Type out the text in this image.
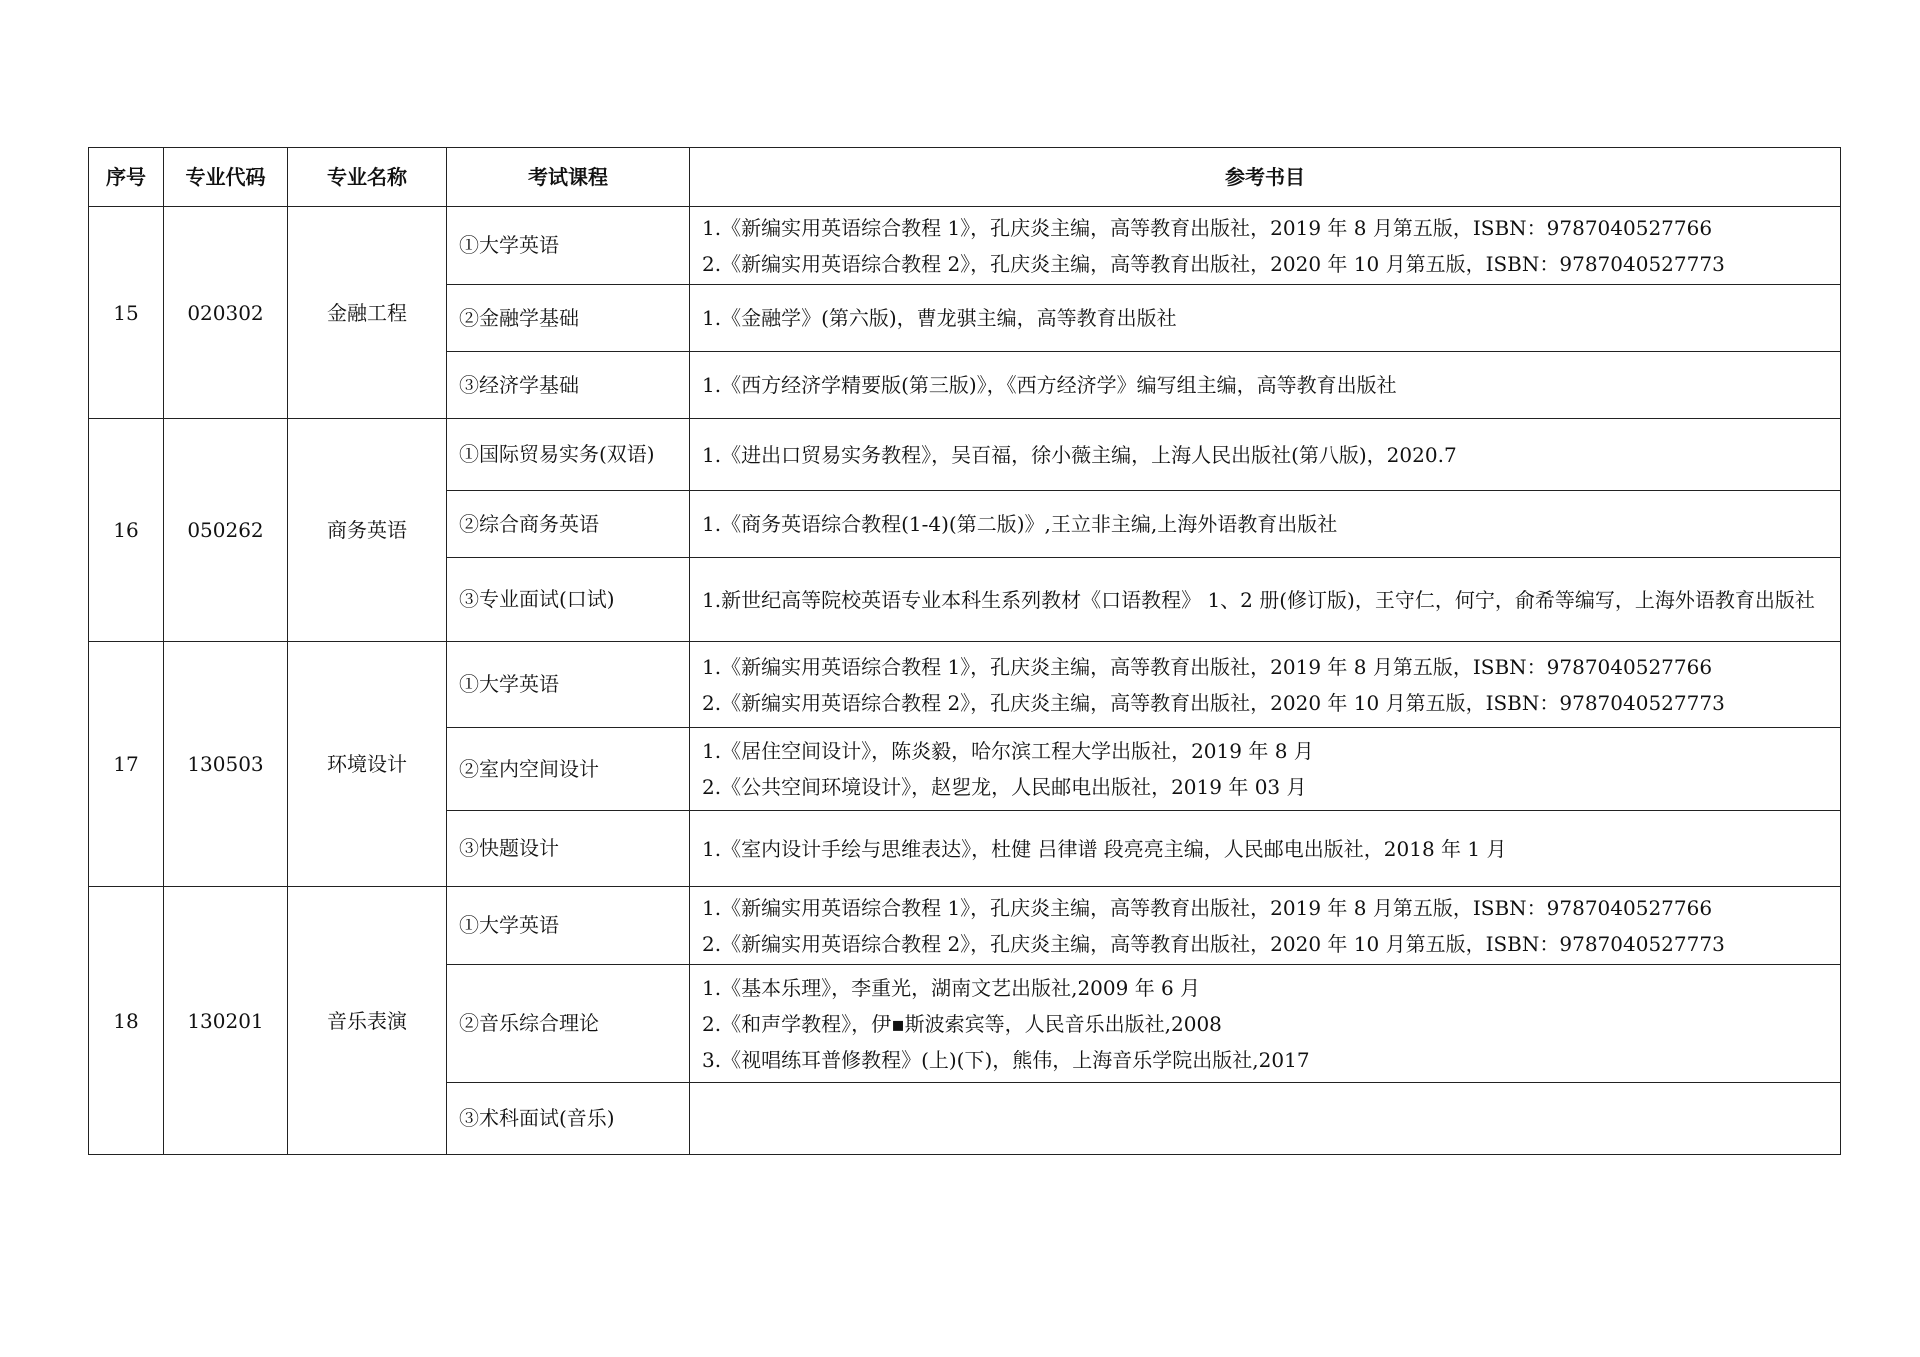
序号	专业代码	专业名称	考试课程	参考书目
15	020302	金融工程	①大学英语	1.《新编实用英语综合教程 1》，孔庆炎主编，高等教育出版社，2019 年 8 月第五版，ISBN：9787040527766
2.《新编实用英语综合教程 2》，孔庆炎主编，高等教育出版社，2020 年 10 月第五版，ISBN：9787040527773

			②金融学基础	1.《金融学》(第六版)，曹龙骐主编，高等教育出版社

			③经济学基础	1.《西方经济学精要版(第三版)》，《西方经济学》编写组主编，高等教育出版社

16	050262	商务英语	①国际贸易实务(双语)	1.《进出口贸易实务教程》，吴百福，徐小薇主编，上海人民出版社(第八版)，2020.7

			②综合商务英语	1.《商务英语综合教程(1-4)(第二版)》,王立非主编,上海外语教育出版社

			③专业面试(口试)	1.新世纪高等院校英语专业本科生系列教材《口语教程》 1、2 册(修订版)，王守仁，何宁，俞希等编写，上海外语教育出版社

17	130503	环境设计	①大学英语	1.《新编实用英语综合教程 1》，孔庆炎主编，高等教育出版社，2019 年 8 月第五版，ISBN：9787040527766
2.《新编实用英语综合教程 2》，孔庆炎主编，高等教育出版社，2020 年 10 月第五版，ISBN：9787040527773

			②室内空间设计	1.《居住空间设计》，陈炎毅，哈尔滨工程大学出版社，2019 年 8 月
2.《公共空间环境设计》，赵乮龙，人民邮电出版社，2019 年 03 月

			③快题设计	1.《室内设计手绘与思维表达》，杜健 吕律谱 段亮亮主编，人民邮电出版社，2018 年 1 月

18	130201	音乐表演	①大学英语	1.《新编实用英语综合教程 1》，孔庆炎主编，高等教育出版社，2019 年 8 月第五版，ISBN：9787040527766
2.《新编实用英语综合教程 2》，孔庆炎主编，高等教育出版社，2020 年 10 月第五版，ISBN：9787040527773

			②音乐综合理论	1.《基本乐理》，李重光，湖南文艺出版社,2009 年 6 月
2.《和声学教程》，伊▪斯波索宾等，人民音乐出版社,2008
3.《视唱练耳普修教程》(上)(下)，熊伟，上海音乐学院出版社,2017

			③术科面试(音乐)	
